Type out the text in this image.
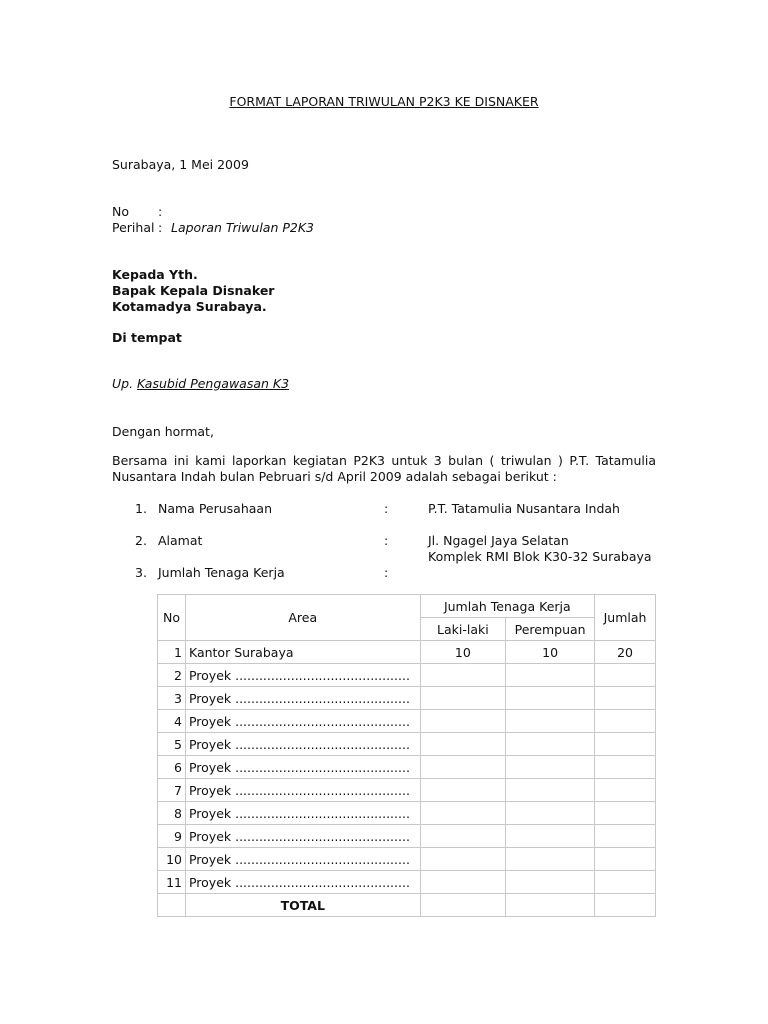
FORMAT LAPORAN TRIWULAN P2K3 KE DISNAKER
Surabaya, 1 Mei 2009
No :
Perihal : Laporan Triwulan P2K3
Kepada Yth.
Bapak Kepala Disnaker
Kotamadya Surabaya.
Di tempat
Up. Kasubid Pengawasan K3
Dengan hormat,
Bersama ini kami laporkan kegiatan P2K3 untuk 3 bulan ( triwulan ) P.T. Tatamulia Nusantara Indah bulan Pebruari s/d April 2009 adalah sebagai berikut :
1. Nama Perusahaan	:	P.T. Tatamulia Nusantara Indah
2. Alamat	:	Jl. Ngagel Jaya Selatan
Komplek RMI Blok K30-32 Surabaya
3. Jumlah Tenaga Kerja	:
No	Area	Jumlah Tenaga Kerja		Jumlah
		Laki-laki	Perempuan	
1	Kantor Surabaya	10	10	20
2	Proyek ............................................			
3	Proyek ............................................			
4	Proyek ............................................			
5	Proyek ............................................			
6	Proyek ............................................			
7	Proyek ............................................			
8	Proyek ............................................			
9	Proyek ............................................			
10	Proyek ............................................			
11	Proyek ............................................			
	TOTAL			
